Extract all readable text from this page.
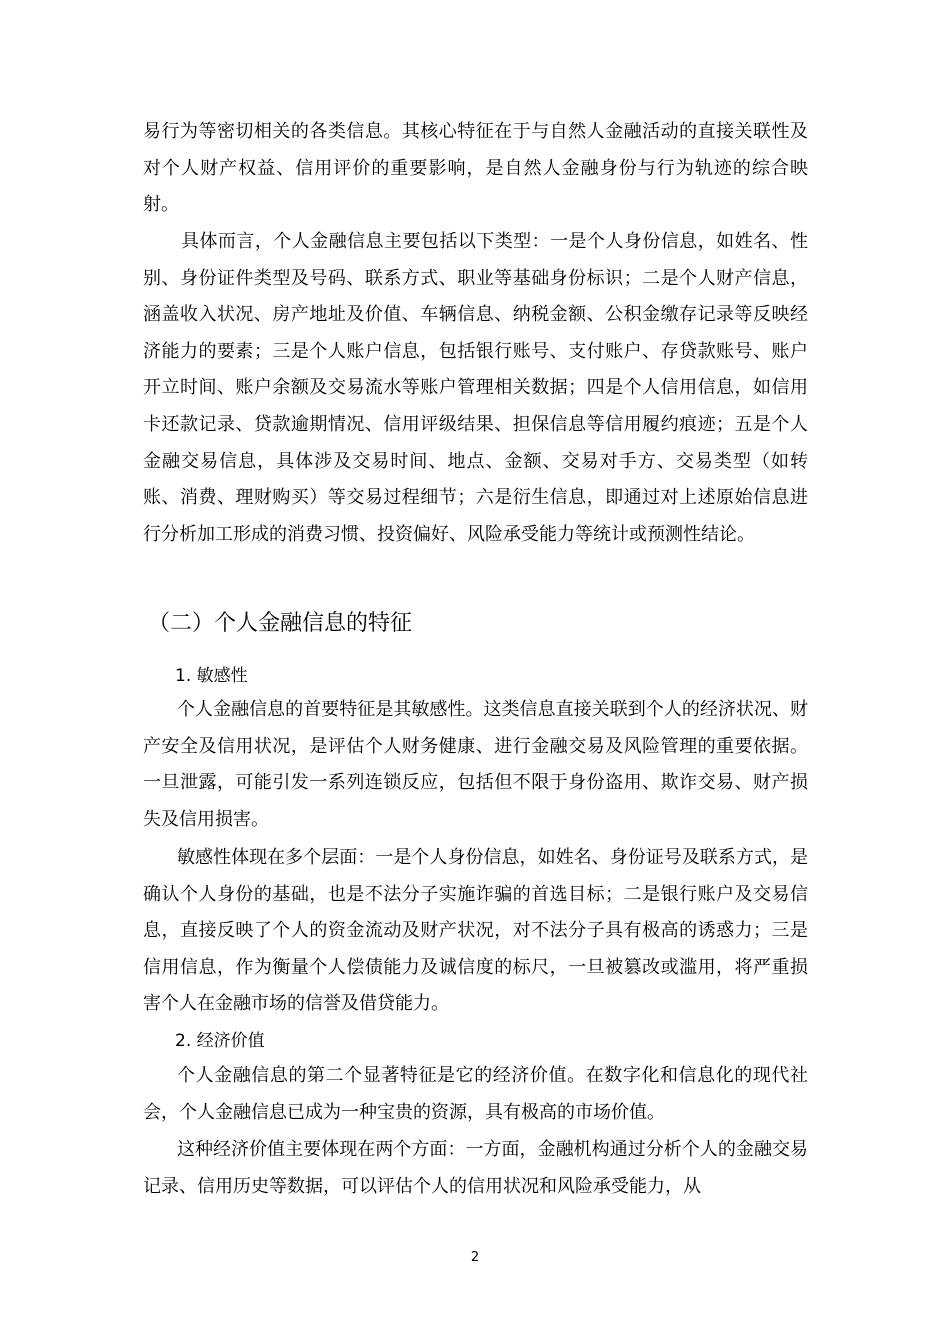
易行为等密切相关的各类信息。其核心特征在于与自然人金融活动的直接关联性及对个人财产权益、信用评价的重要影响，是自然人金融身份与行为轨迹的综合映射。

具体而言，个人金融信息主要包括以下类型：一是个人身份信息，如姓名、性别、身份证件类型及号码、联系方式、职业等基础身份标识；二是个人财产信息，涵盖收入状况、房产地址及价值、车辆信息、纳税金额、公积金缴存记录等反映经济能力的要素；三是个人账户信息，包括银行账号、支付账户、存贷款账号、账户开立时间、账户余额及交易流水等账户管理相关数据；四是个人信用信息，如信用卡还款记录、贷款逾期情况、信用评级结果、担保信息等信用履约痕迹；五是个人金融交易信息，具体涉及交易时间、地点、金额、交易对手方、交易类型（如转账、消费、理财购买）等交易过程细节；六是衍生信息，即通过对上述原始信息进行分析加工形成的消费习惯、投资偏好、风险承受能力等统计或预测性结论。

（二）个人金融信息的特征

1. 敏感性

个人金融信息的首要特征是其敏感性。这类信息直接关联到个人的经济状况、财产安全及信用状况，是评估个人财务健康、进行金融交易及风险管理的重要依据。一旦泄露，可能引发一系列连锁反应，包括但不限于身份盗用、欺诈交易、财产损失及信用损害。

敏感性体现在多个层面：一是个人身份信息，如姓名、身份证号及联系方式，是确认个人身份的基础，也是不法分子实施诈骗的首选目标；二是银行账户及交易信息，直接反映了个人的资金流动及财产状况，对不法分子具有极高的诱惑力；三是信用信息，作为衡量个人偿债能力及诚信度的标尺，一旦被篡改或滥用，将严重损害个人在金融市场的信誉及借贷能力。

2. 经济价值

个人金融信息的第二个显著特征是它的经济价值。在数字化和信息化的现代社会，个人金融信息已成为一种宝贵的资源，具有极高的市场价值。

这种经济价值主要体现在两个方面：一方面，金融机构通过分析个人的金融交易记录、信用历史等数据，可以评估个人的信用状况和风险承受能力，从

2
